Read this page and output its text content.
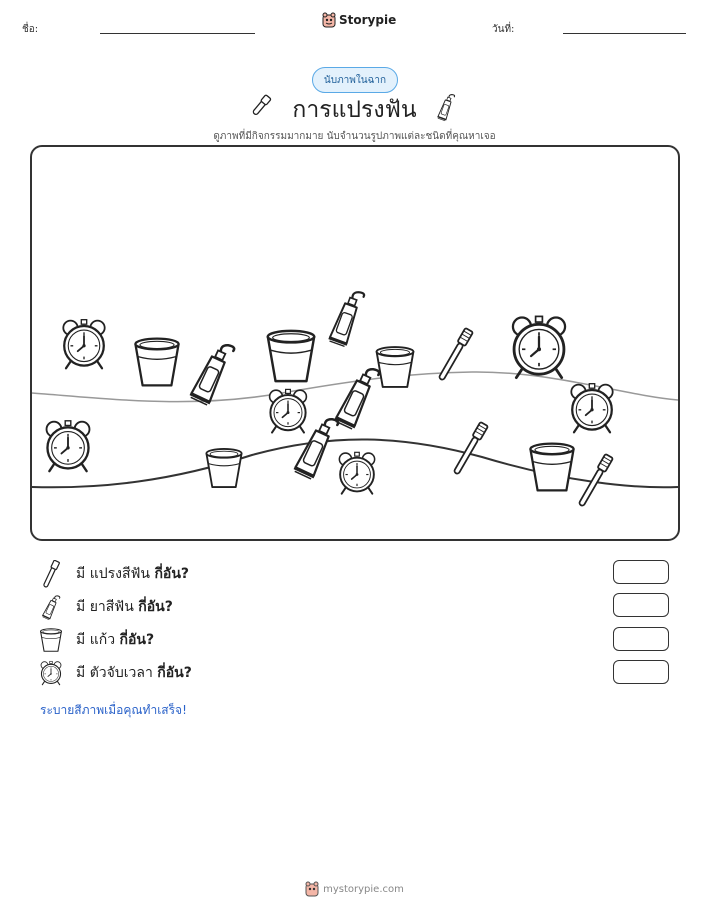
ชื่อ:
Storypie
วันที่:
นับภาพในฉาก
การแปรงฟัน
ดูภาพที่มีกิจกรรมมากมาย นับจำนวนรูปภาพแต่ละชนิดที่คุณหาเจอ
มี แปรงสีฟัน กี่อัน?
มี ยาสีฟัน กี่อัน?
มี แก้ว กี่อัน?
มี ตัวจับเวลา กี่อัน?
ระบายสีภาพเมื่อคุณทำเสร็จ!
mystorypie.com
